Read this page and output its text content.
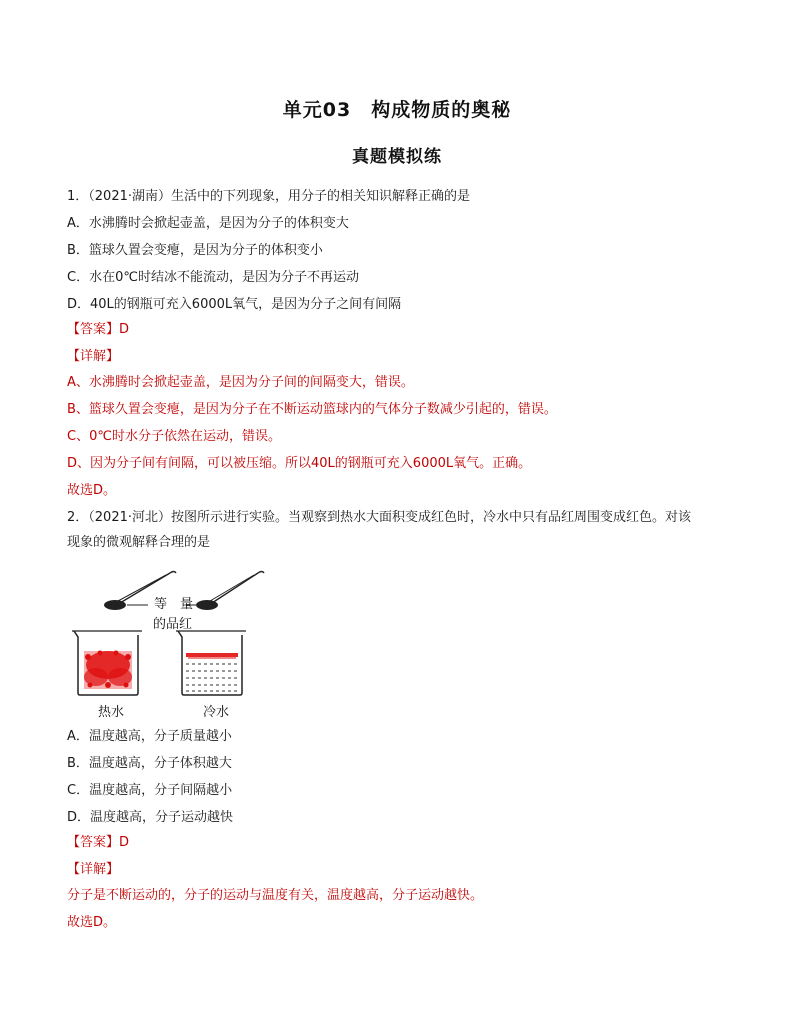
单元03　构成物质的奥秘
真题模拟练
1．（2021·湖南）生活中的下列现象，用分子的相关知识解释正确的是
A．水沸腾时会掀起壶盖，是因为分子的体积变大
B．篮球久置会变瘪，是因为分子的体积变小
C．水在0℃时结冰不能流动，是因为分子不再运动
D．40L的钢瓶可充入6000L氧气，是因为分子之间有间隔
【答案】D
【详解】
A、水沸腾时会掀起壶盖，是因为分子间的间隔变大，错误。
B、篮球久置会变瘪，是因为分子在不断运动篮球内的气体分子数减少引起的，错误。
C、0℃时水分子依然在运动，错误。
D、因为分子间有间隔，可以被压缩。所以40L的钢瓶可充入6000L氧气。正确。
故选D。
2．（2021·河北）按图所示进行实验。当观察到热水大面积变成红色时，冷水中只有品红周围变成红色。对该
现象的微观解释合理的是
等　量
的品红
热水	冷水
A．温度越高，分子质量越小
B．温度越高，分子体积越大
C．温度越高，分子间隔越小
D．温度越高，分子运动越快
【答案】D
【详解】
分子是不断运动的，分子的运动与温度有关，温度越高，分子运动越快。
故选D。
